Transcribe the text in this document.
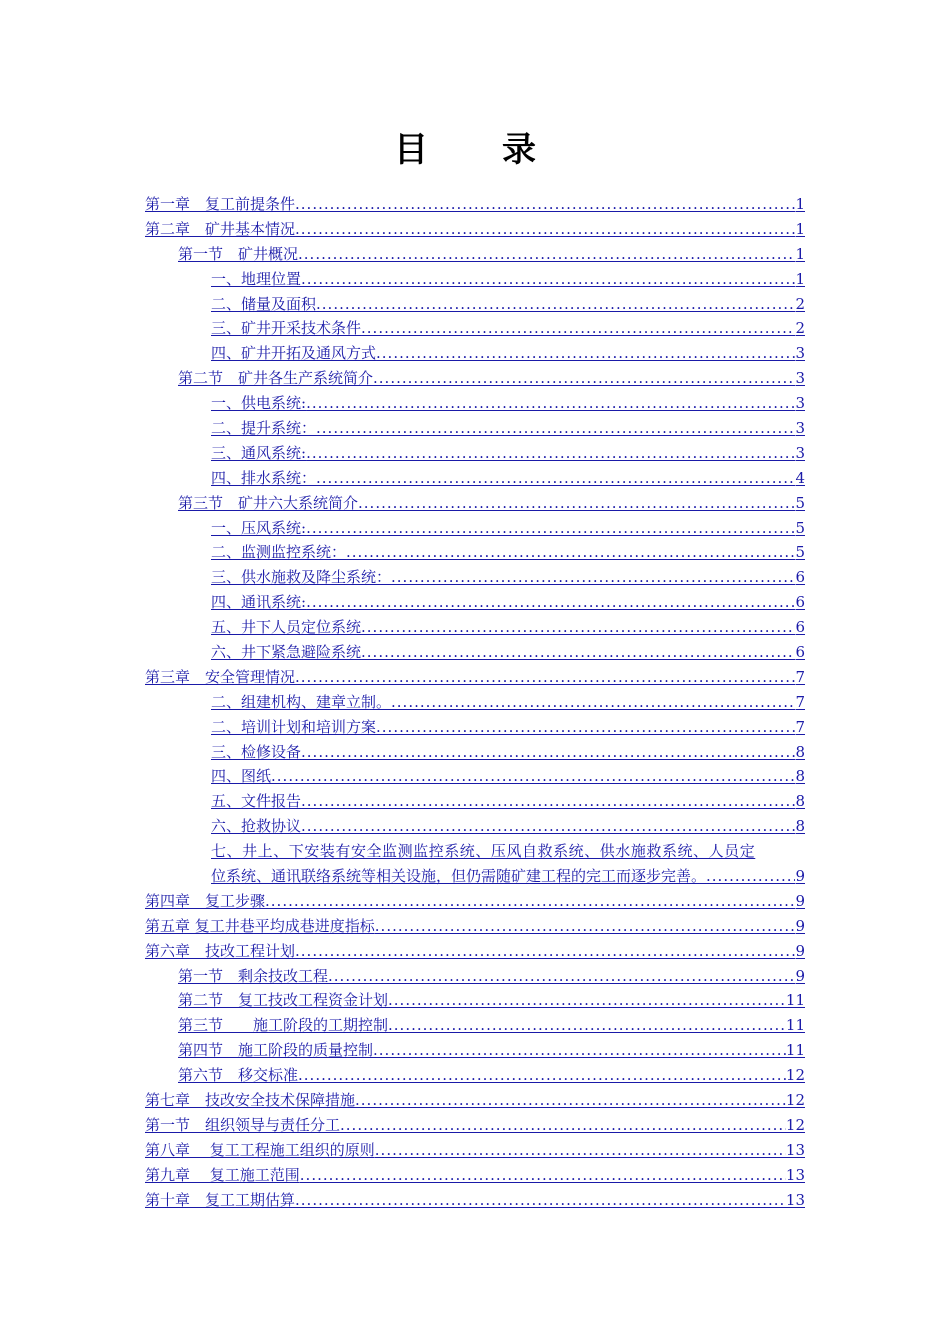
目　录
第一章　复工前提条件 .....	1
第二章　矿井基本情况 .....	1
第一节　矿井概况 .....	1
一、地理位置 .....	1
二、储量及面积 .....	2
三、矿井开采技术条件 .....	2
四、矿井开拓及通风方式 .....	3
第二节　矿井各生产系统简介 .....	3
一、供电系统: .....	3
二、提升系统： .....	3
三、通风系统: .....	3
四、排水系统： .....	4
第三节　矿井六大系统简介 .....	5
一、压风系统: .....	5
二、监测监控系统： .....	5
三、供水施救及降尘系统： .....	6
四、通讯系统: .....	6
五、井下人员定位系统 .....	6
六、井下紧急避险系统 .....	6
第三章　安全管理情况 .....	7
二、组建机构、建章立制。 .....	7
二、培训计划和培训方案 .....	7
三、检修设备 .....	8
四、图纸 .....	8
五、文件报告 .....	8
六、抢救协议 .....	8
七、井上、下安装有安全监测监控系统、压风自救系统、供水施救系统、人员定
位系统、通讯联络系统等相关设施，但仍需随矿建工程的完工而逐步完善。 .....	9
第四章　复工步骤 .....	9
第五章 复工井巷平均成巷进度指标 .....	9
第六章　技改工程计划 .....	9
第一节　剩余技改工程 .....	9
第二节　复工技改工程资金计划 .....	11
第三节　　施工阶段的工期控制 .....	11
第四节　施工阶段的质量控制 .....	11
第六节　移交标准 .....	12
第七章　技改安全技术保障措施 .....	12
第一节　组织领导与责任分工 .....	12
第八章　 复工工程施工组织的原则 .....	13
第九章　 复工施工范围 .....	13
第十章　复工工期估算 .....	13
